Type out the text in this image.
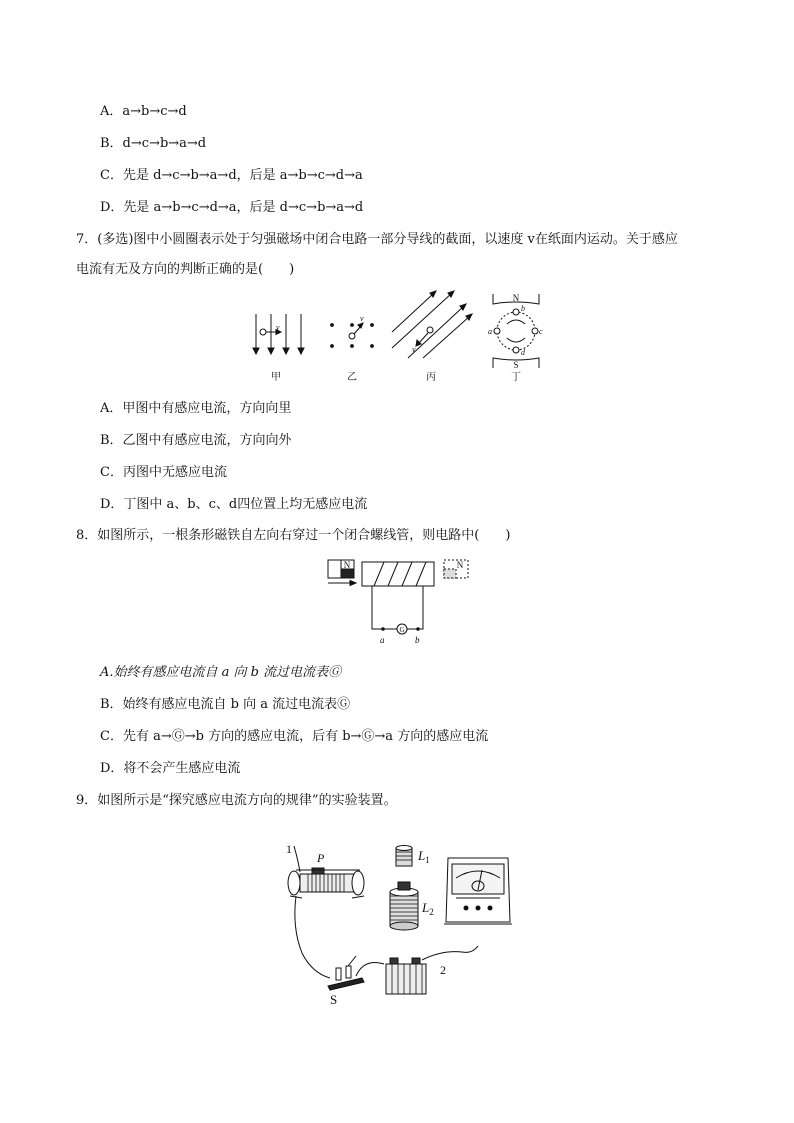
A．a→b→c→d
B．d→c→b→a→d
C．先是 d→c→b→a→d，后是 a→b→c→d→a
D．先是 a→b→c→d→a，后是 d→c→b→a→d
7．(多选)图中小圆圈表示处于匀强磁场中闭合电路一部分导线的截面，以速度 v在纸面内运动。关于感应
电流有无及方向的判断正确的是(　　)
v
甲
v
乙
v
丙
N
S
a
b
c
d
丁
A．甲图中有感应电流，方向向里
B．乙图中有感应电流，方向向外
C．丙图中无感应电流
D．丁图中 a、b、c、d四位置上均无感应电流
8．如图所示，一根条形磁铁自左向右穿过一个闭合螺线管，则电路中(　　)
N	N
G
a	b
A.始终有感应电流自 a 向 b 流过电流表Ⓖ
B．始终有感应电流自 b 向 a 流过电流表Ⓖ
C．先有 a→Ⓖ→b 方向的感应电流，后有 b→Ⓖ→a 方向的感应电流
D．将不会产生感应电流
9．如图所示是“探究感应电流方向的规律”的实验装置。
1
P	$L_1$
$L_2$
S
2
